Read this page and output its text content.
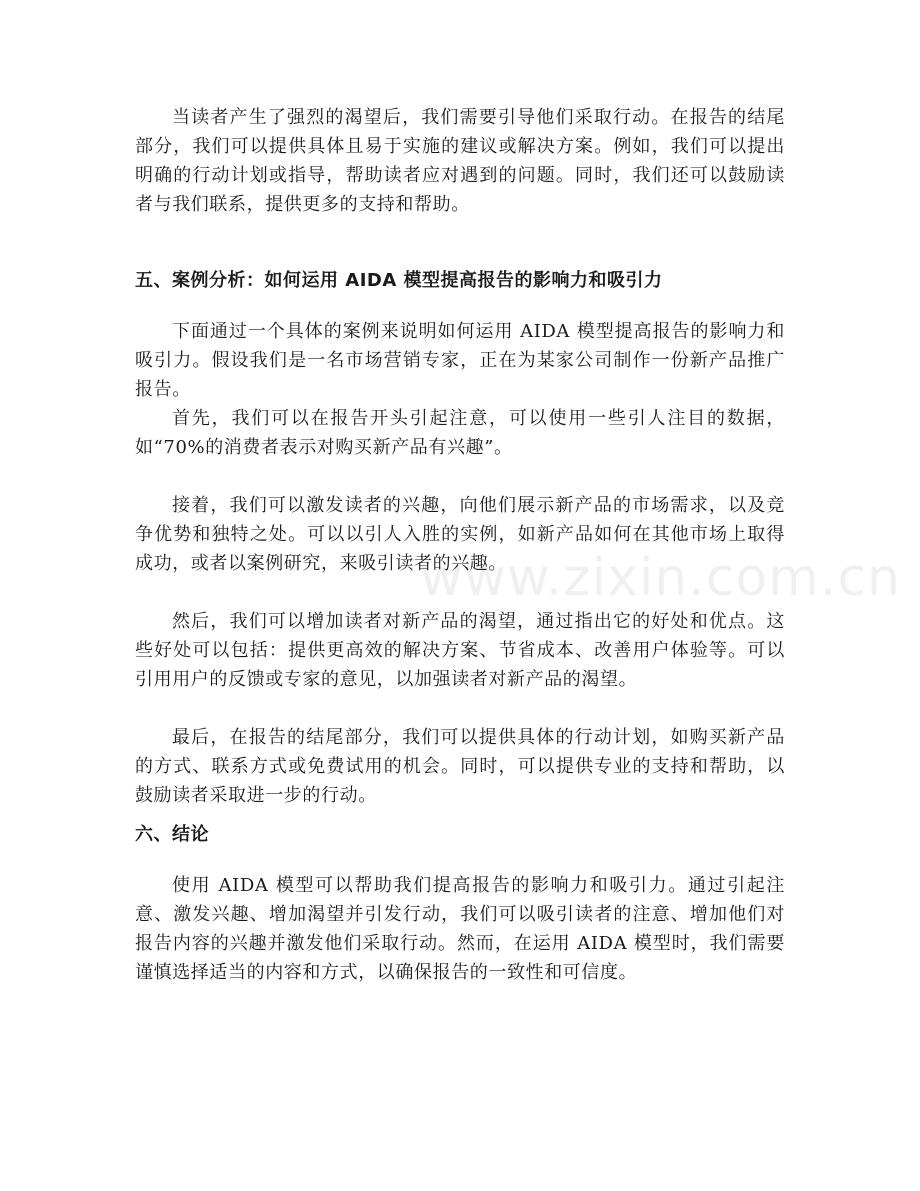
当读者产生了强烈的渴望后，我们需要引导他们采取行动。在报告的结尾部分，我们可以提供具体且易于实施的建议或解决方案。例如，我们可以提出明确的行动计划或指导，帮助读者应对遇到的问题。同时，我们还可以鼓励读者与我们联系，提供更多的支持和帮助。

五、案例分析：如何运用 AIDA 模型提高报告的影响力和吸引力

下面通过一个具体的案例来说明如何运用 AIDA 模型提高报告的影响力和吸引力。假设我们是一名市场营销专家，正在为某家公司制作一份新产品推广报告。

首先，我们可以在报告开头引起注意，可以使用一些引人注目的数据，如“70%的消费者表示对购买新产品有兴趣”。

接着，我们可以激发读者的兴趣，向他们展示新产品的市场需求，以及竞争优势和独特之处。可以以引人入胜的实例，如新产品如何在其他市场上取得成功，或者以案例研究，来吸引读者的兴趣。

然后，我们可以增加读者对新产品的渴望，通过指出它的好处和优点。这些好处可以包括：提供更高效的解决方案、节省成本、改善用户体验等。可以引用用户的反馈或专家的意见，以加强读者对新产品的渴望。

最后，在报告的结尾部分，我们可以提供具体的行动计划，如购买新产品的方式、联系方式或免费试用的机会。同时，可以提供专业的支持和帮助，以鼓励读者采取进一步的行动。

六、结论

使用 AIDA 模型可以帮助我们提高报告的影响力和吸引力。通过引起注意、激发兴趣、增加渴望并引发行动，我们可以吸引读者的注意、增加他们对报告内容的兴趣并激发他们采取行动。然而，在运用 AIDA 模型时，我们需要谨慎选择适当的内容和方式，以确保报告的一致性和可信度。

www.zixin.com.cn
